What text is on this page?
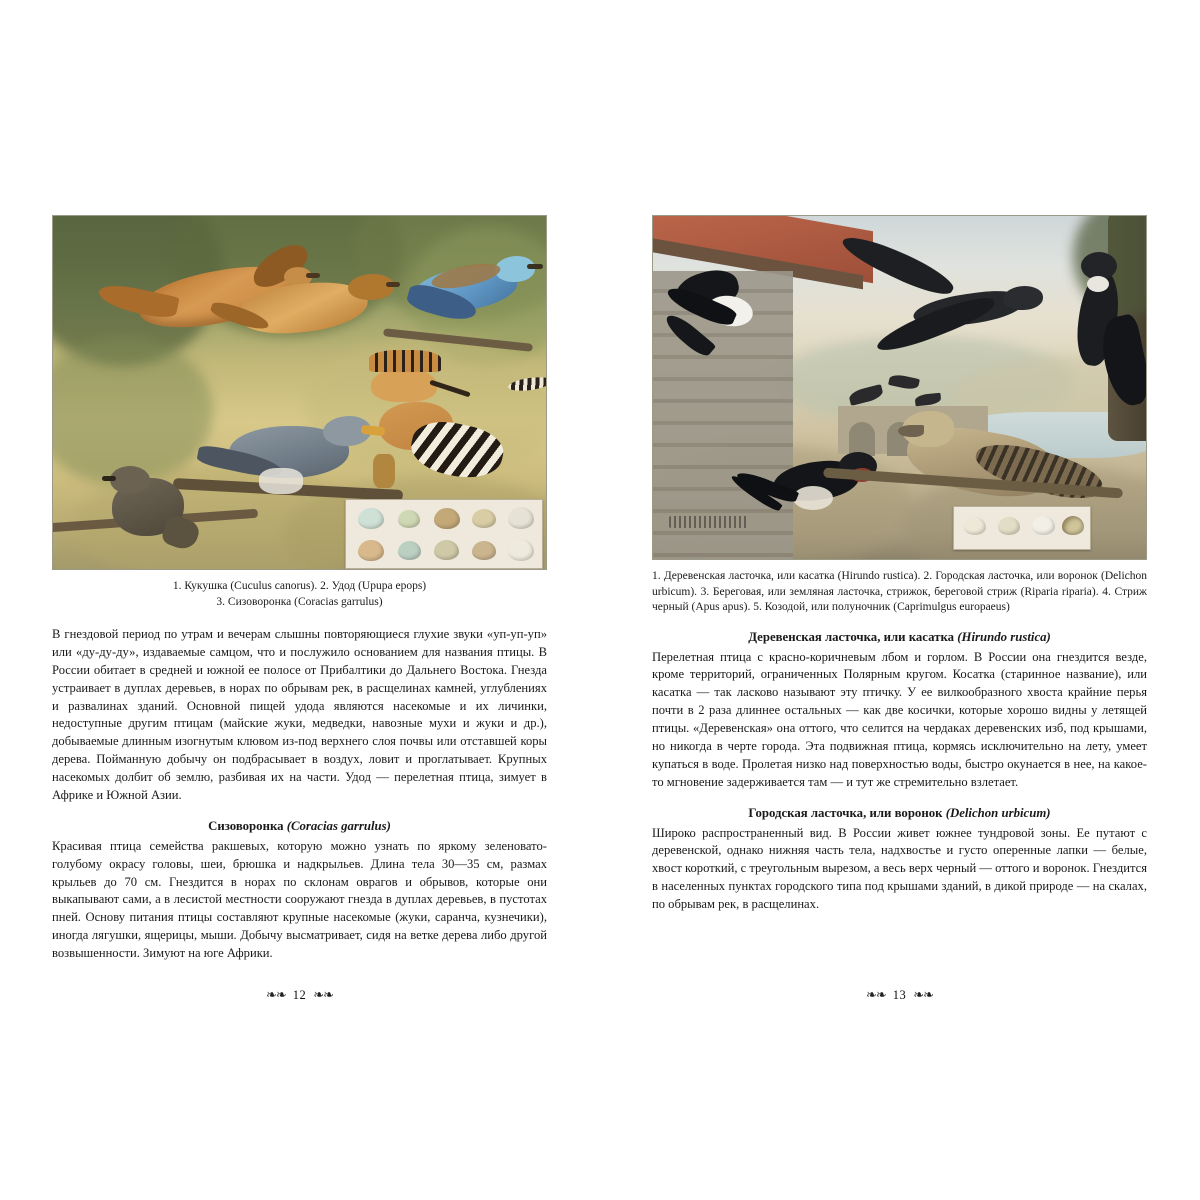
1. Кукушка (Cuculus canorus). 2. Удод (Upupa epops)
3. Сизоворонка (Coracias garrulus)

В гнездовой период по утрам и вечерам слышны повторяющиеся глухие звуки «уп-уп-уп» или «ду-ду-ду», издаваемые самцом, что и послужило основанием для названия птицы. В России обитает в средней и южной ее полосе от Прибалтики до Дальнего Востока. Гнезда устраивает в дуплах деревьев, в норах по обрывам рек, в расщелинах камней, углублениях и развалинах зданий. Основной пищей удода являются насекомые и их личинки, недоступные другим птицам (майские жуки, медведки, навозные мухи и жуки и др.), добываемые длинным изогнутым клювом из-под верхнего слоя почвы или отставшей коры дерева. Пойманную добычу он подбрасывает в воздух, ловит и проглатывает. Крупных насекомых долбит об землю, разбивая их на части. Удод — перелетная птица, зимует в Африке и Южной Азии.

Сизоворонка (Coracias garrulus)

Красивая птица семейства ракшевых, которую можно узнать по яркому зеленовато-голубому окрасу головы, шеи, брюшка и надкрыльев. Длина тела 30—35 см, размах крыльев до 70 см. Гнездится в норах по склонам оврагов и обрывов, которые они выкапывают сами, а в лесистой местности сооружают гнезда в дуплах деревьев, в пустотах пней. Основу питания птицы составляют крупные насекомые (жуки, саранча, кузнечики), иногда лягушки, ящерицы, мыши. Добычу высматривает, сидя на ветке дерева либо другой возвышенности. Зимуют на юге Африки.

❧❧ 12 ❧❧
1. Деревенская ласточка, или касатка (Hirundo rustica). 2. Городская ласточка, или воронок (Delichon urbicum). 3. Береговая, или земляная ласточка, стрижок, береговой стриж (Riparia riparia). 4. Стриж черный (Apus apus). 5. Козодой, или полуночник (Caprimulgus europaeus)
Деревенская ласточка, или касатка (Hirundo rustica)

Перелетная птица с красно-коричневым лбом и горлом. В России она гнездится везде, кроме территорий, ограниченных Полярным кругом. Косатка (старинное название), или касатка — так ласково называют эту птичку. У ее вилкообразного хвоста крайние перья почти в 2 раза длиннее остальных — как две косички, которые хорошо видны у летящей птицы. «Деревенская» она оттого, что селится на чердаках деревенских изб, под крышами, но никогда в черте города. Эта подвижная птица, кормясь исключительно на лету, умеет купаться в воде. Пролетая низко над поверхностью воды, быстро окунается в нее, на какое-то мгновение задерживается там — и тут же стремительно взлетает.

Городская ласточка, или воронок (Delichon urbicum)

Широко распространенный вид. В России живет южнее тундровой зоны. Ее путают с деревенской, однако нижняя часть тела, надхвостье и густо оперенные лапки — белые, хвост короткий, с треугольным вырезом, а весь верх черный — оттого и воронок. Гнездится в населенных пунктах городского типа под крышами зданий, в дикой природе — на скалах, по обрывам рек, в расщелинах.

❧❧ 13 ❧❧
